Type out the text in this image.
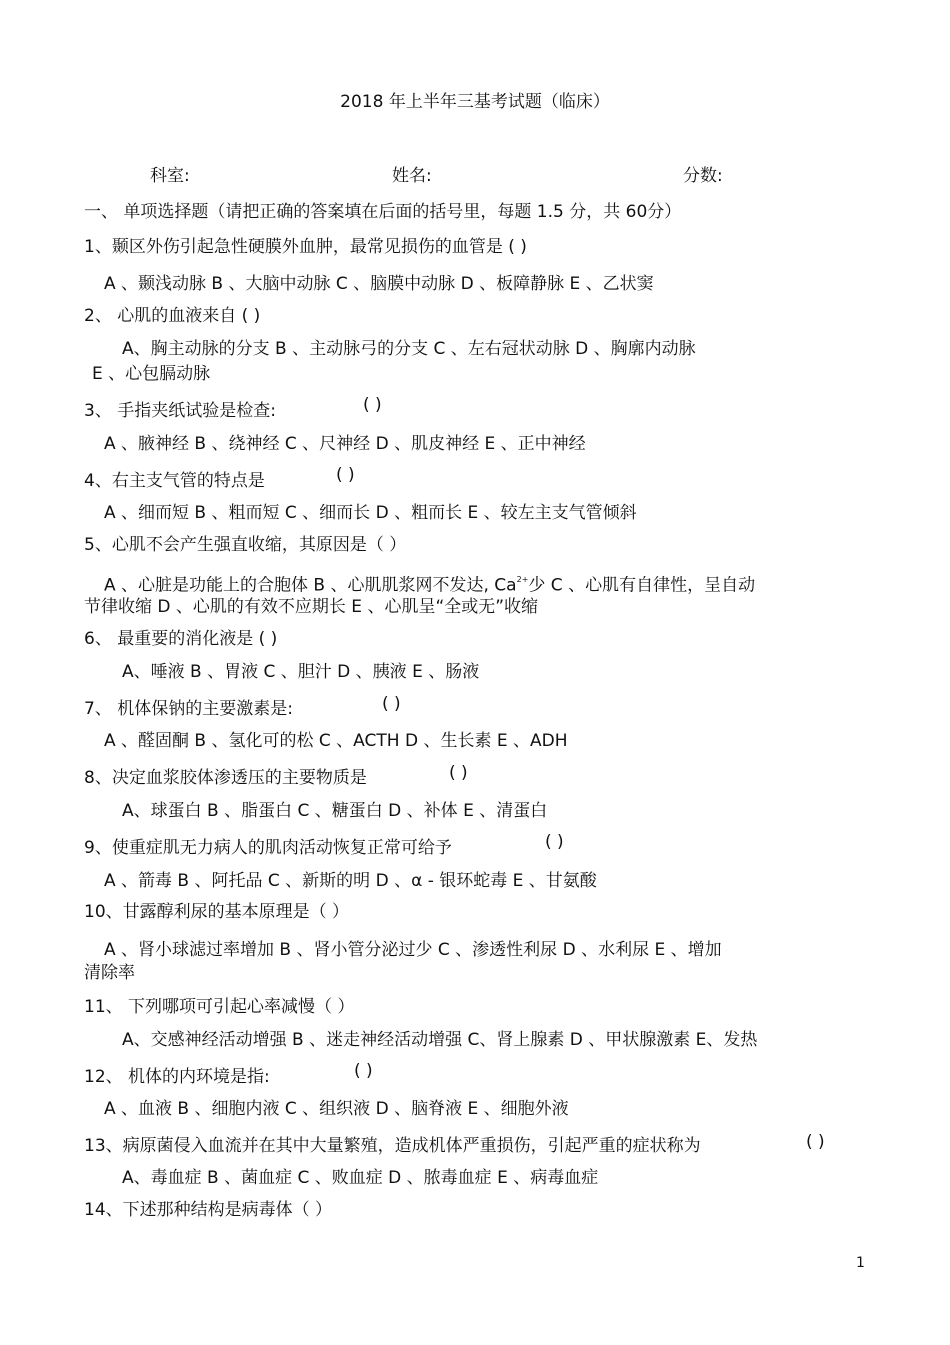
2018 年上半年三基考试题（临床）
科室:	姓名:	分数:
一、 单项选择题（请把正确的答案填在后面的括号里，每题 1.5 分，共 60分）
1、颞区外伤引起急性硬膜外血肿，最常见损伤的血管是 ( )
A 、颞浅动脉 B 、大脑中动脉 C 、脑膜中动脉 D 、板障静脉 E 、乙状窦
2、 心肌的血液来自 ( )
A、胸主动脉的分支 B 、主动脉弓的分支 C 、左右冠状动脉 D 、胸廓内动脉
E 、心包膈动脉
3、 手指夹纸试验是检查:	( )
A 、腋神经 B 、绕神经 C 、尺神经 D 、肌皮神经 E 、正中神经
4、右主支气管的特点是	( )
A 、细而短 B 、粗而短 C 、细而长 D 、粗而长 E 、较左主支气管倾斜
5、心肌不会产生强直收缩，其原因是（ ）
A 、心脏是功能上的合胞体 B 、心肌肌浆网不发达, $Ca^{2+}$少 C 、心肌有自律性，呈自动
节律收缩 D 、心肌的有效不应期长 E 、心肌呈“全或无”收缩
6、 最重要的消化液是 ( )
A、唾液 B 、胃液 C 、胆汁 D 、胰液 E 、肠液
7、 机体保钠的主要激素是:	( )
A 、醛固酮 B 、氢化可的松 C 、ACTH D 、生长素 E 、ADH
8、决定血浆胶体渗透压的主要物质是	( )
A、球蛋白 B 、脂蛋白 C 、糖蛋白 D 、补体 E 、清蛋白
9、使重症肌无力病人的肌肉活动恢复正常可给予	( )
A 、箭毒 B 、阿托品 C 、新斯的明 D 、α - 银环蛇毒 E 、甘氨酸
10、甘露醇利尿的基本原理是（ ）
A 、肾小球滤过率增加 B 、肾小管分泌过少 C 、渗透性利尿 D 、水利尿 E 、增加
清除率
11、 下列哪项可引起心率减慢（ ）
A、交感神经活动增强 B 、迷走神经活动增强 C、肾上腺素 D 、甲状腺激素 E、发热
12、 机体的内环境是指:	( )
A 、血液 B 、细胞内液 C 、组织液 D 、脑脊液 E 、细胞外液
13、病原菌侵入血流并在其中大量繁殖，造成机体严重损伤，引起严重的症状称为	( )
A、毒血症 B 、菌血症 C 、败血症 D 、脓毒血症 E 、病毒血症
14、下述那种结构是病毒体（ ）
1
